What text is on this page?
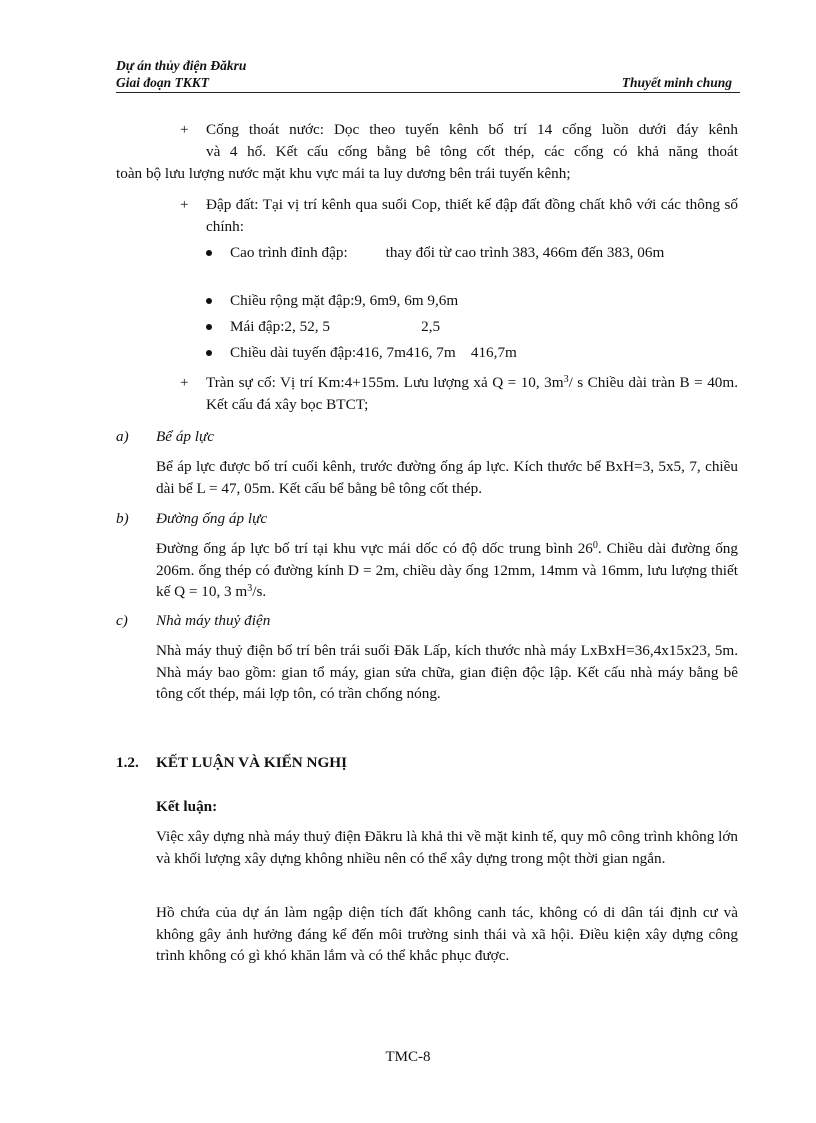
Dự án thủy điện Đăkru
Giai đoạn TKKT	Thuyết minh chung
+ Cống thoát nước: Dọc theo tuyến kênh bố trí 14 cống luồn dưới đáy kênh
và 4 hố. Kết cấu cống bằng bê tông cốt thép, các cống có khả năng thoát
toàn bộ lưu lượng nước mặt khu vực mái ta luy dương bên trái tuyến kênh;
+ Đập đất: Tại vị trí kênh qua suối Cop, thiết kế đập đất đồng chất khô với các thông số chính:
Cao trình đỉnh đập:          thay đổi từ cao trình 383, 466m đến 383, 06m
Chiều rộng mặt đập:9, 6m9, 6m 9,6m
Mái đập:2, 52, 5                        2,5
Chiều dài tuyến đập:416, 7m416, 7m    416,7m
+ Tràn sự cố: Vị trí Km:4+155m. Lưu lượng xả Q = 10, $3m^3/$ s Chiều dài tràn B = 40m. Kết cấu đá xây bọc BTCT;
a) Bể áp lực
Bể áp lực được bố trí cuối kênh, trước đường ống áp lực. Kích thước bể BxH=3, 5x5, 7, chiều dài bể L = 47, 05m. Kết cấu bể bằng bê tông cốt thép.
b) Đường ống áp lực
Đường ống áp lực bố trí tại khu vực mái dốc có độ dốc trung bình $26^0$. Chiều dài đường ống 206m. ống thép có đường kính D = 2m, chiều dày ống 12mm, 14mm và 16mm, lưu lượng thiết kế Q = 10, 3 $m^3/s$.
c) Nhà máy thuỷ điện
Nhà máy thuỷ điện bố trí bên trái suối Đăk Lấp, kích thước nhà máy LxBxH=36,4x15x23, 5m. Nhà máy bao gồm: gian tổ máy, gian sửa chữa, gian điện độc lập. Kết cấu nhà máy bằng bê tông cốt thép, mái lợp tôn, có trần chống nóng.
1.2. KẾT LUẬN VÀ KIẾN NGHỊ
Kết luận:
Việc xây dựng nhà máy thuỷ điện Đăkru là khả thi về mặt kinh tế, quy mô công trình không lớn và khối lượng xây dựng không nhiều nên có thể xây dựng trong một thời gian ngắn.
Hồ chứa của dự án làm ngập diện tích đất không canh tác, không có di dân tái định cư và không gây ảnh hưởng đáng kể đến môi trường sinh thái và xã hội. Điều kiện xây dựng công trình không có gì khó khăn lắm và có thể khắc phục được.
TMC-8
